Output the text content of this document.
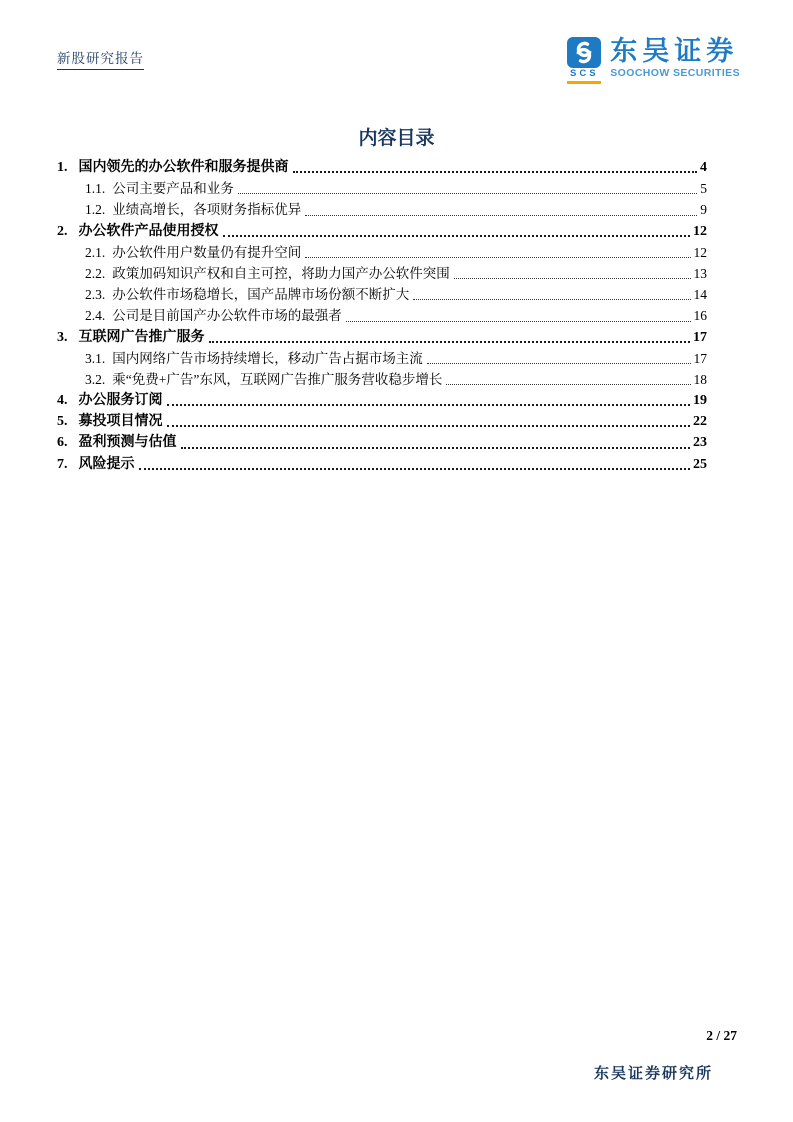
新股研究报告
SCS
东吴证券
SOOCHOW SECURITIES
内容目录
1. 国内领先的办公软件和服务提供商	4
1.1. 公司主要产品和业务	5
1.2. 业绩高增长，各项财务指标优异	9
2. 办公软件产品使用授权	12
2.1. 办公软件用户数量仍有提升空间	12
2.2. 政策加码知识产权和自主可控，将助力国产办公软件突围	13
2.3. 办公软件市场稳增长，国产品牌市场份额不断扩大	14
2.4. 公司是目前国产办公软件市场的最强者	16
3. 互联网广告推广服务	17
3.1. 国内网络广告市场持续增长，移动广告占据市场主流	17
3.2. 乘“免费+广告”东风，互联网广告推广服务营收稳步增长	18
4. 办公服务订阅	19
5. 募投项目情况	22
6. 盈利预测与估值	23
7. 风险提示	25
2 / 27
东吴证券研究所
